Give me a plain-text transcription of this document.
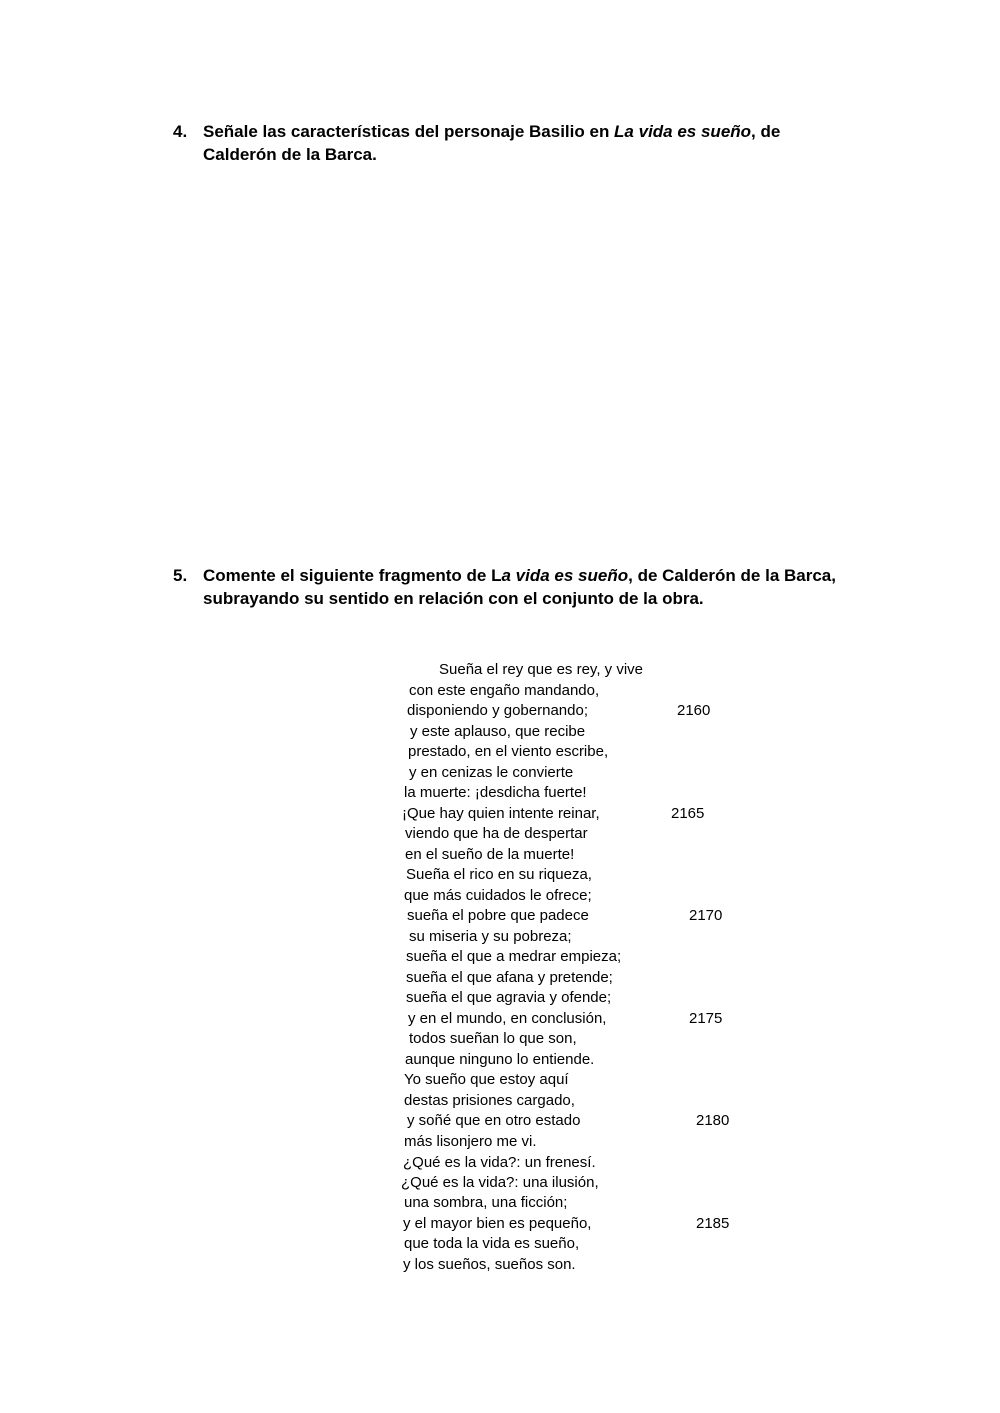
4. Señale las características del personaje Basilio en La vida es sueño, de
Calderón de la Barca.
5. Comente el siguiente fragmento de La vida es sueño, de Calderón de la Barca,
subrayando su sentido en relación con el conjunto de la obra.
Sueña el rey que es rey, y vive
con este engaño mandando,
disponiendo y gobernando;
y este aplauso, que recibe
prestado, en el viento escribe,
y en cenizas le convierte
la muerte: ¡desdicha fuerte!
¡Que hay quien intente reinar,
viendo que ha de despertar
en el sueño de la muerte!
Sueña el rico en su riqueza,
que más cuidados le ofrece;
sueña el pobre que padece
su miseria y su pobreza;
sueña el que a medrar empieza;
sueña el que afana y pretende;
sueña el que agravia y ofende;
y en el mundo, en conclusión,
todos sueñan lo que son,
aunque ninguno lo entiende.
Yo sueño que estoy aquí
destas prisiones cargado,
y soñé que en otro estado
más lisonjero me vi.
¿Qué es la vida?: un frenesí.
¿Qué es la vida?: una ilusión,
una sombra, una ficción;
y el mayor bien es pequeño,
que toda la vida es sueño,
y los sueños, sueños son.
2160
2165
2170
2175
2180
2185
